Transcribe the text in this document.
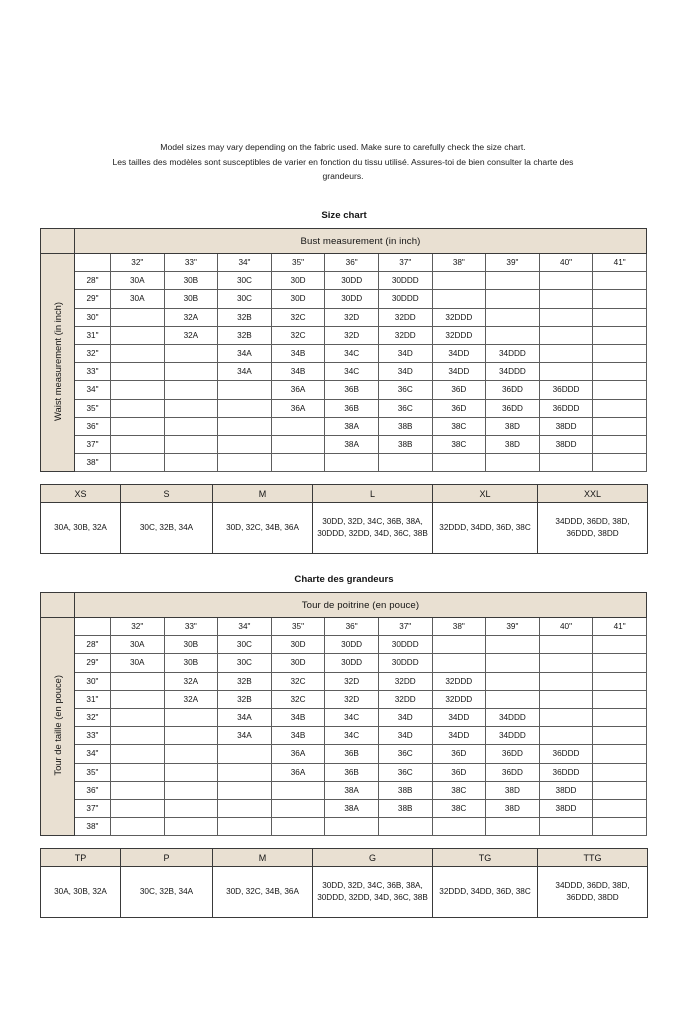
Model sizes may vary depending on the fabric used. Make sure to carefully check the size chart.
Les tailles des modèles sont susceptibles de varier en fonction du tissu utilisé. Assures-toi de bien consulter la charte des
grandeurs.
Size chart
	Bust measurement (in inch)										
Waist measurement (in inch)		32"	33"	34"	35"	36"	37"	38"	39"	40"	41"
	28"	30A	30B	30C	30D	30DD	30DDD				
	29"	30A	30B	30C	30D	30DD	30DDD				
	30"		32A	32B	32C	32D	32DD	32DDD			
	31"		32A	32B	32C	32D	32DD	32DDD			
	32"			34A	34B	34C	34D	34DD	34DDD		
	33"			34A	34B	34C	34D	34DD	34DDD		
	34"				36A	36B	36C	36D	36DD	36DDD	
	35"				36A	36B	36C	36D	36DD	36DDD	
	36"					38A	38B	38C	38D	38DD	
	37"					38A	38B	38C	38D	38DD	
	38"										
XS	S	M	L	XL	XXL
30A, 30B, 32A	30C, 32B, 34A	30D, 32C, 34B, 36A	30DD, 32D, 34C, 36B, 38A, 30DDD, 32DD, 34D, 36C, 38B	32DDD, 34DD, 36D, 38C	34DDD, 36DD, 38D, 36DDD, 38DD
Charte des grandeurs
	Tour de poitrine (en pouce)										
Tour de taille (en pouce)		32"	33"	34"	35"	36"	37"	38"	39"	40"	41"
	28"	30A	30B	30C	30D	30DD	30DDD				
	29"	30A	30B	30C	30D	30DD	30DDD				
	30"		32A	32B	32C	32D	32DD	32DDD			
	31"		32A	32B	32C	32D	32DD	32DDD			
	32"			34A	34B	34C	34D	34DD	34DDD		
	33"			34A	34B	34C	34D	34DD	34DDD		
	34"				36A	36B	36C	36D	36DD	36DDD	
	35"				36A	36B	36C	36D	36DD	36DDD	
	36"					38A	38B	38C	38D	38DD	
	37"					38A	38B	38C	38D	38DD	
	38"										
TP	P	M	G	TG	TTG
30A, 30B, 32A	30C, 32B, 34A	30D, 32C, 34B, 36A	30DD, 32D, 34C, 36B, 38A, 30DDD, 32DD, 34D, 36C, 38B	32DDD, 34DD, 36D, 38C	34DDD, 36DD, 38D, 36DDD, 38DD
